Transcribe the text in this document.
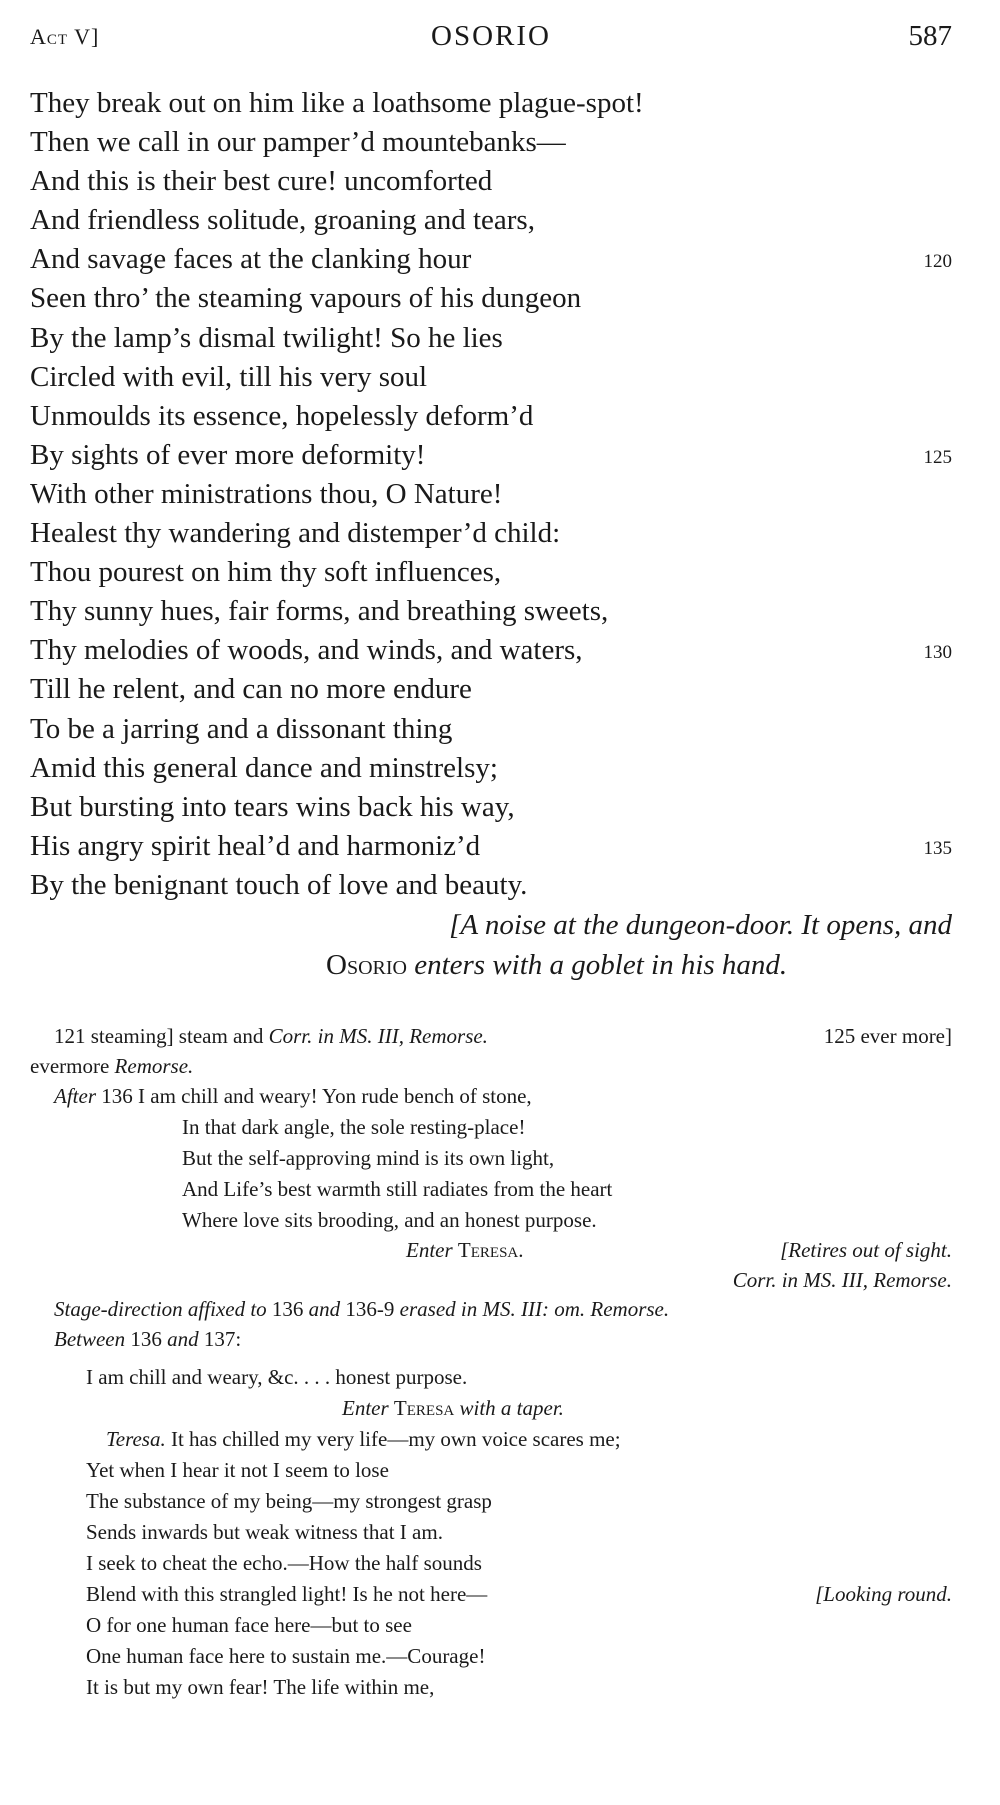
Act V]	OSORIO	587
They break out on him like a loathsome plague-spot!
Then we call in our pamper’d mountebanks—
And this is their best cure! uncomforted
And friendless solitude, groaning and tears,
And savage faces at the clanking hour	120
Seen thro’ the steaming vapours of his dungeon
By the lamp’s dismal twilight! So he lies
Circled with evil, till his very soul
Unmoulds its essence, hopelessly deform’d
By sights of ever more deformity!	125
With other ministrations thou, O Nature!
Healest thy wandering and distemper’d child:
Thou pourest on him thy soft influences,
Thy sunny hues, fair forms, and breathing sweets,
Thy melodies of woods, and winds, and waters,	130
Till he relent, and can no more endure
To be a jarring and a dissonant thing
Amid this general dance and minstrelsy;
But bursting into tears wins back his way,
His angry spirit heal’d and harmoniz’d	135
By the benignant touch of love and beauty.
[A noise at the dungeon-door. It opens, and
Osorio enters with a goblet in his hand.
121 steaming] steam and Corr. in MS. III, Remorse.	125 ever more]
evermore Remorse.
After 136 I am chill and weary! Yon rude bench of stone,
In that dark angle, the sole resting-place!
But the self-approving mind is its own light,
And Life’s best warmth still radiates from the heart
Where love sits brooding, and an honest purpose.
Enter Teresa.	[Retires out of sight.
Corr. in MS. III, Remorse.
Stage-direction affixed to 136 and 136-9 erased in MS. III: om. Remorse.
Between 136 and 137:
I am chill and weary, &c. . . . honest purpose.
Enter Teresa with a taper.
Teresa. It has chilled my very life—my own voice scares me;
Yet when I hear it not I seem to lose
The substance of my being—my strongest grasp
Sends inwards but weak witness that I am.
I seek to cheat the echo.—How the half sounds
Blend with this strangled light! Is he not here—	[Looking round.
O for one human face here—but to see
One human face here to sustain me.—Courage!
It is but my own fear! The life within me,
